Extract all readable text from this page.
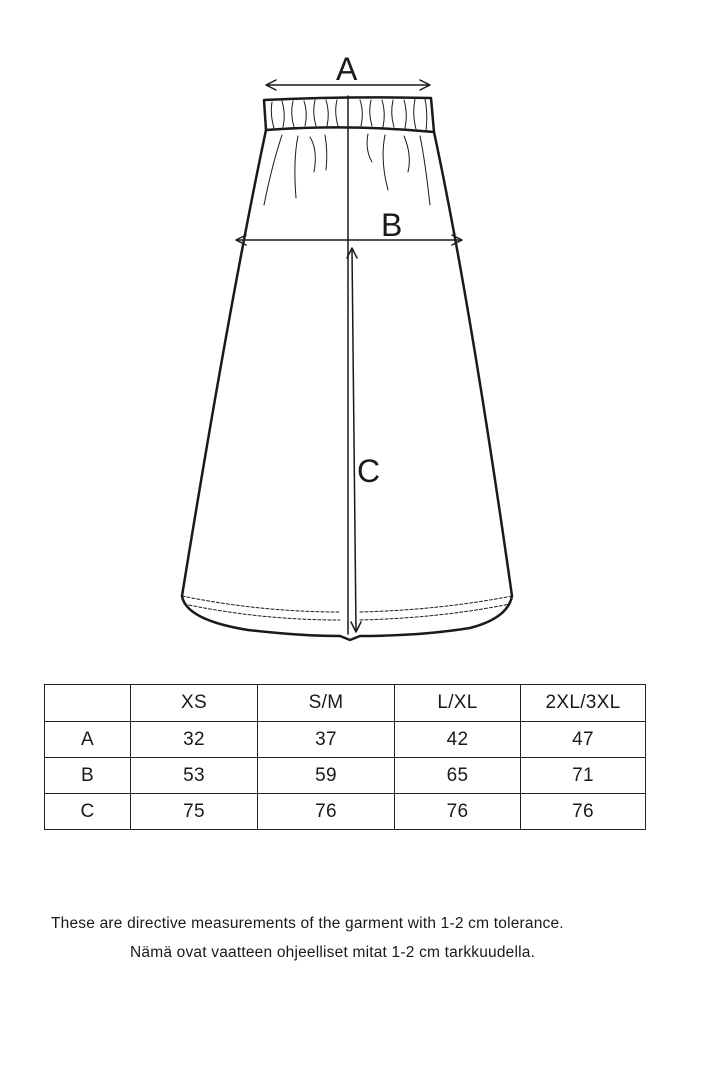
A
B
C
	XS	S/M	L/XL	2XL/3XL
A	32	37	42	47
B	53	59	65	71
C	75	76	76	76
These are directive measurements of the garment with 1-2 cm tolerance.
Nämä ovat vaatteen ohjeelliset mitat 1-2 cm tarkkuudella.
